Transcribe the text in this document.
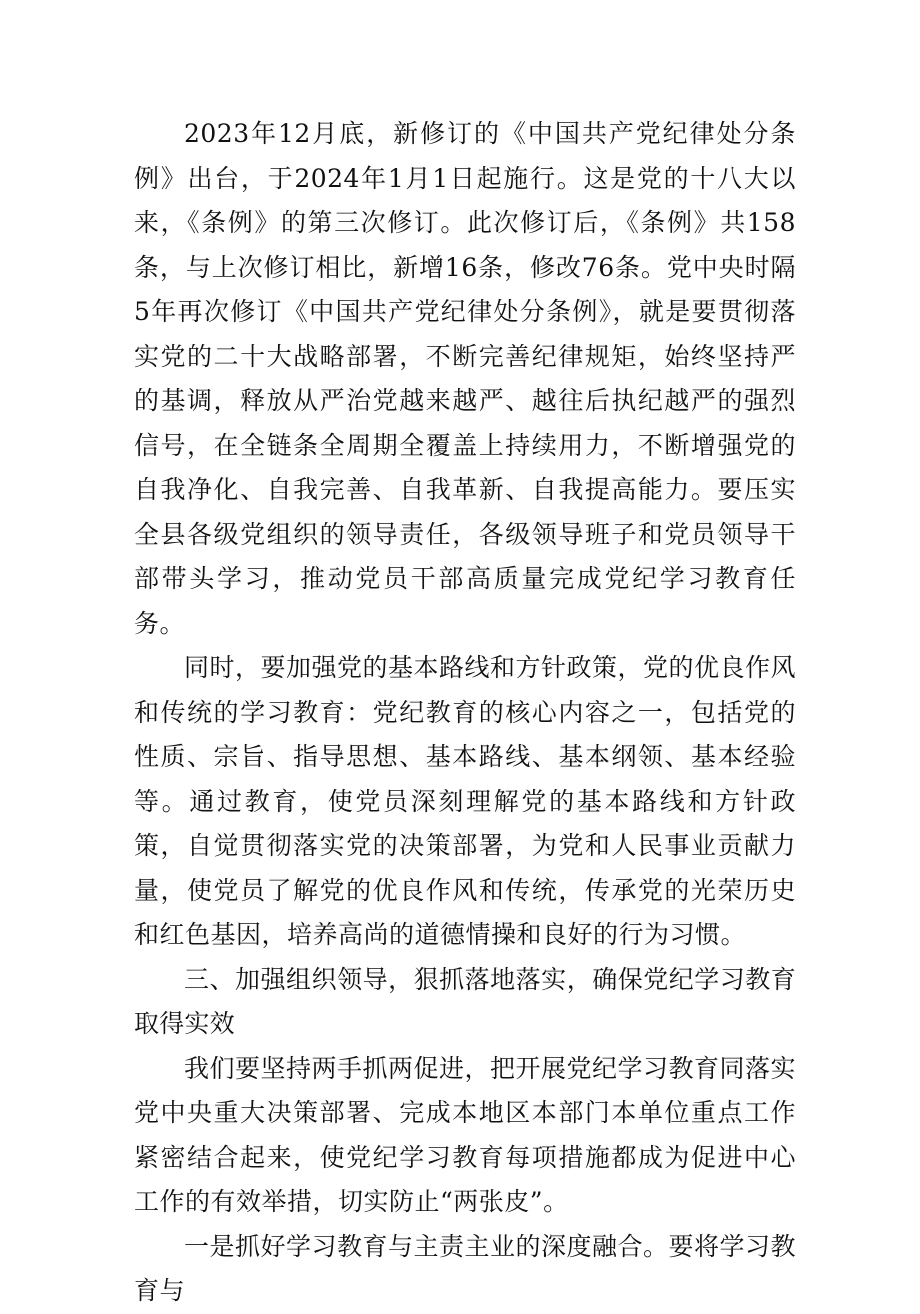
2023年12月底，新修订的《中国共产党纪律处分条例》出台，于2024年1月1日起施行。这是党的十八大以来，《条例》的第三次修订。此次修订后，《条例》共158条，与上次修订相比，新增16条，修改76条。党中央时隔5年再次修订《中国共产党纪律处分条例》，就是要贯彻落实党的二十大战略部署，不断完善纪律规矩，始终坚持严的基调，释放从严治党越来越严、越往后执纪越严的强烈信号，在全链条全周期全覆盖上持续用力，不断增强党的自我净化、自我完善、自我革新、自我提高能力。要压实全县各级党组织的领导责任，各级领导班子和党员领导干部带头学习，推动党员干部高质量完成党纪学习教育任务。

同时，要加强党的基本路线和方针政策，党的优良作风和传统的学习教育：党纪教育的核心内容之一，包括党的性质、宗旨、指导思想、基本路线、基本纲领、基本经验等。通过教育，使党员深刻理解党的基本路线和方针政策，自觉贯彻落实党的决策部署，为党和人民事业贡献力量，使党员了解党的优良作风和传统，传承党的光荣历史和红色基因，培养高尚的道德情操和良好的行为习惯。

三、加强组织领导，狠抓落地落实，确保党纪学习教育取得实效

我们要坚持两手抓两促进，把开展党纪学习教育同落实党中央重大决策部署、完成本地区本部门本单位重点工作紧密结合起来，使党纪学习教育每项措施都成为促进中心工作的有效举措，切实防止“两张皮”。

一是抓好学习教育与主责主业的深度融合。要将学习教育与
